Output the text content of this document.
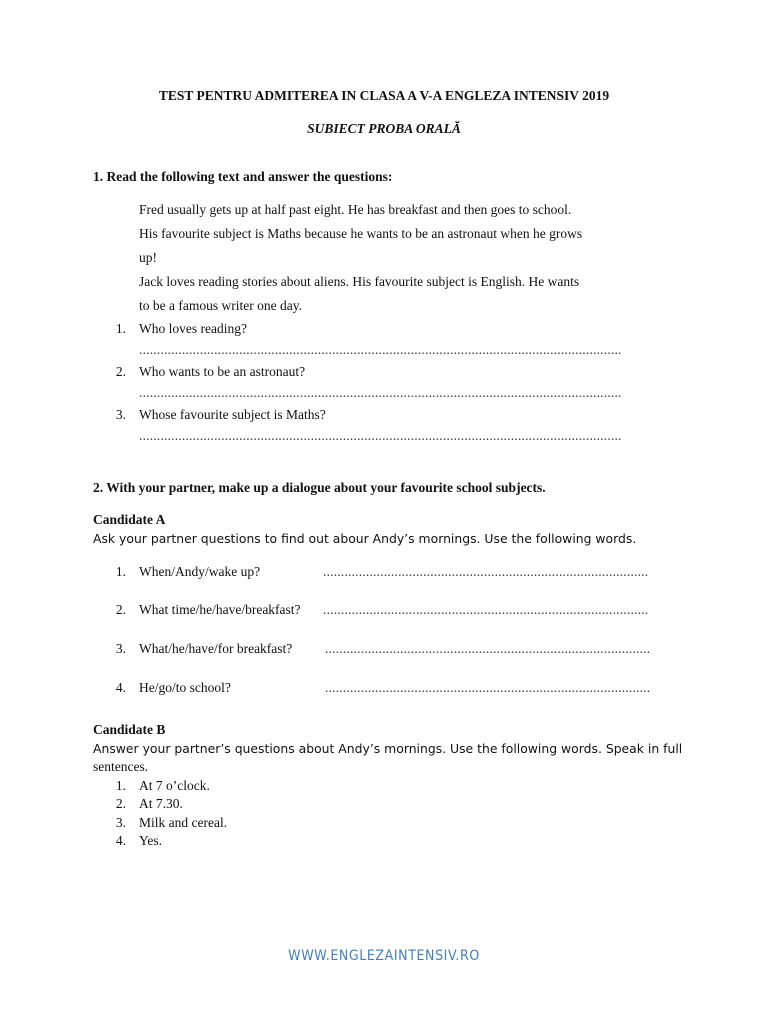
TEST PENTRU ADMITEREA IN CLASA A V-A ENGLEZA INTENSIV 2019
SUBIECT PROBA ORALĂ
1. Read the following text and answer the questions:
Fred usually gets up at half past eight. He has breakfast and then goes to school.
His favourite subject is Maths because he wants to be an astronaut when he grows
up!
Jack loves reading stories about aliens. His favourite subject is English. He wants
to be a famous writer one day.
1. Who loves reading?
.......................................................................................................................................
2. Who wants to be an astronaut?
.......................................................................................................................................
3. Whose favourite subject is Maths?
.......................................................................................................................................
2. With your partner, make up a dialogue about your favourite school subjects.
Candidate A
Ask your partner questions to find out abour Andy’s mornings. Use the following words.
1. When/Andy/wake up?	...........................................................................................
2. What time/he/have/breakfast? ...........................................................................................
3. What/he/have/for breakfast? ...........................................................................................
4. He/go/to school?	...........................................................................................
Candidate B
Answer your partner’s questions about Andy’s mornings. Use the following words. Speak in full
sentences.
1. At 7 o’clock.
2. At 7.30.
3. Milk and cereal.
4. Yes.
WWW.ENGLEZAINTENSIV.RO
